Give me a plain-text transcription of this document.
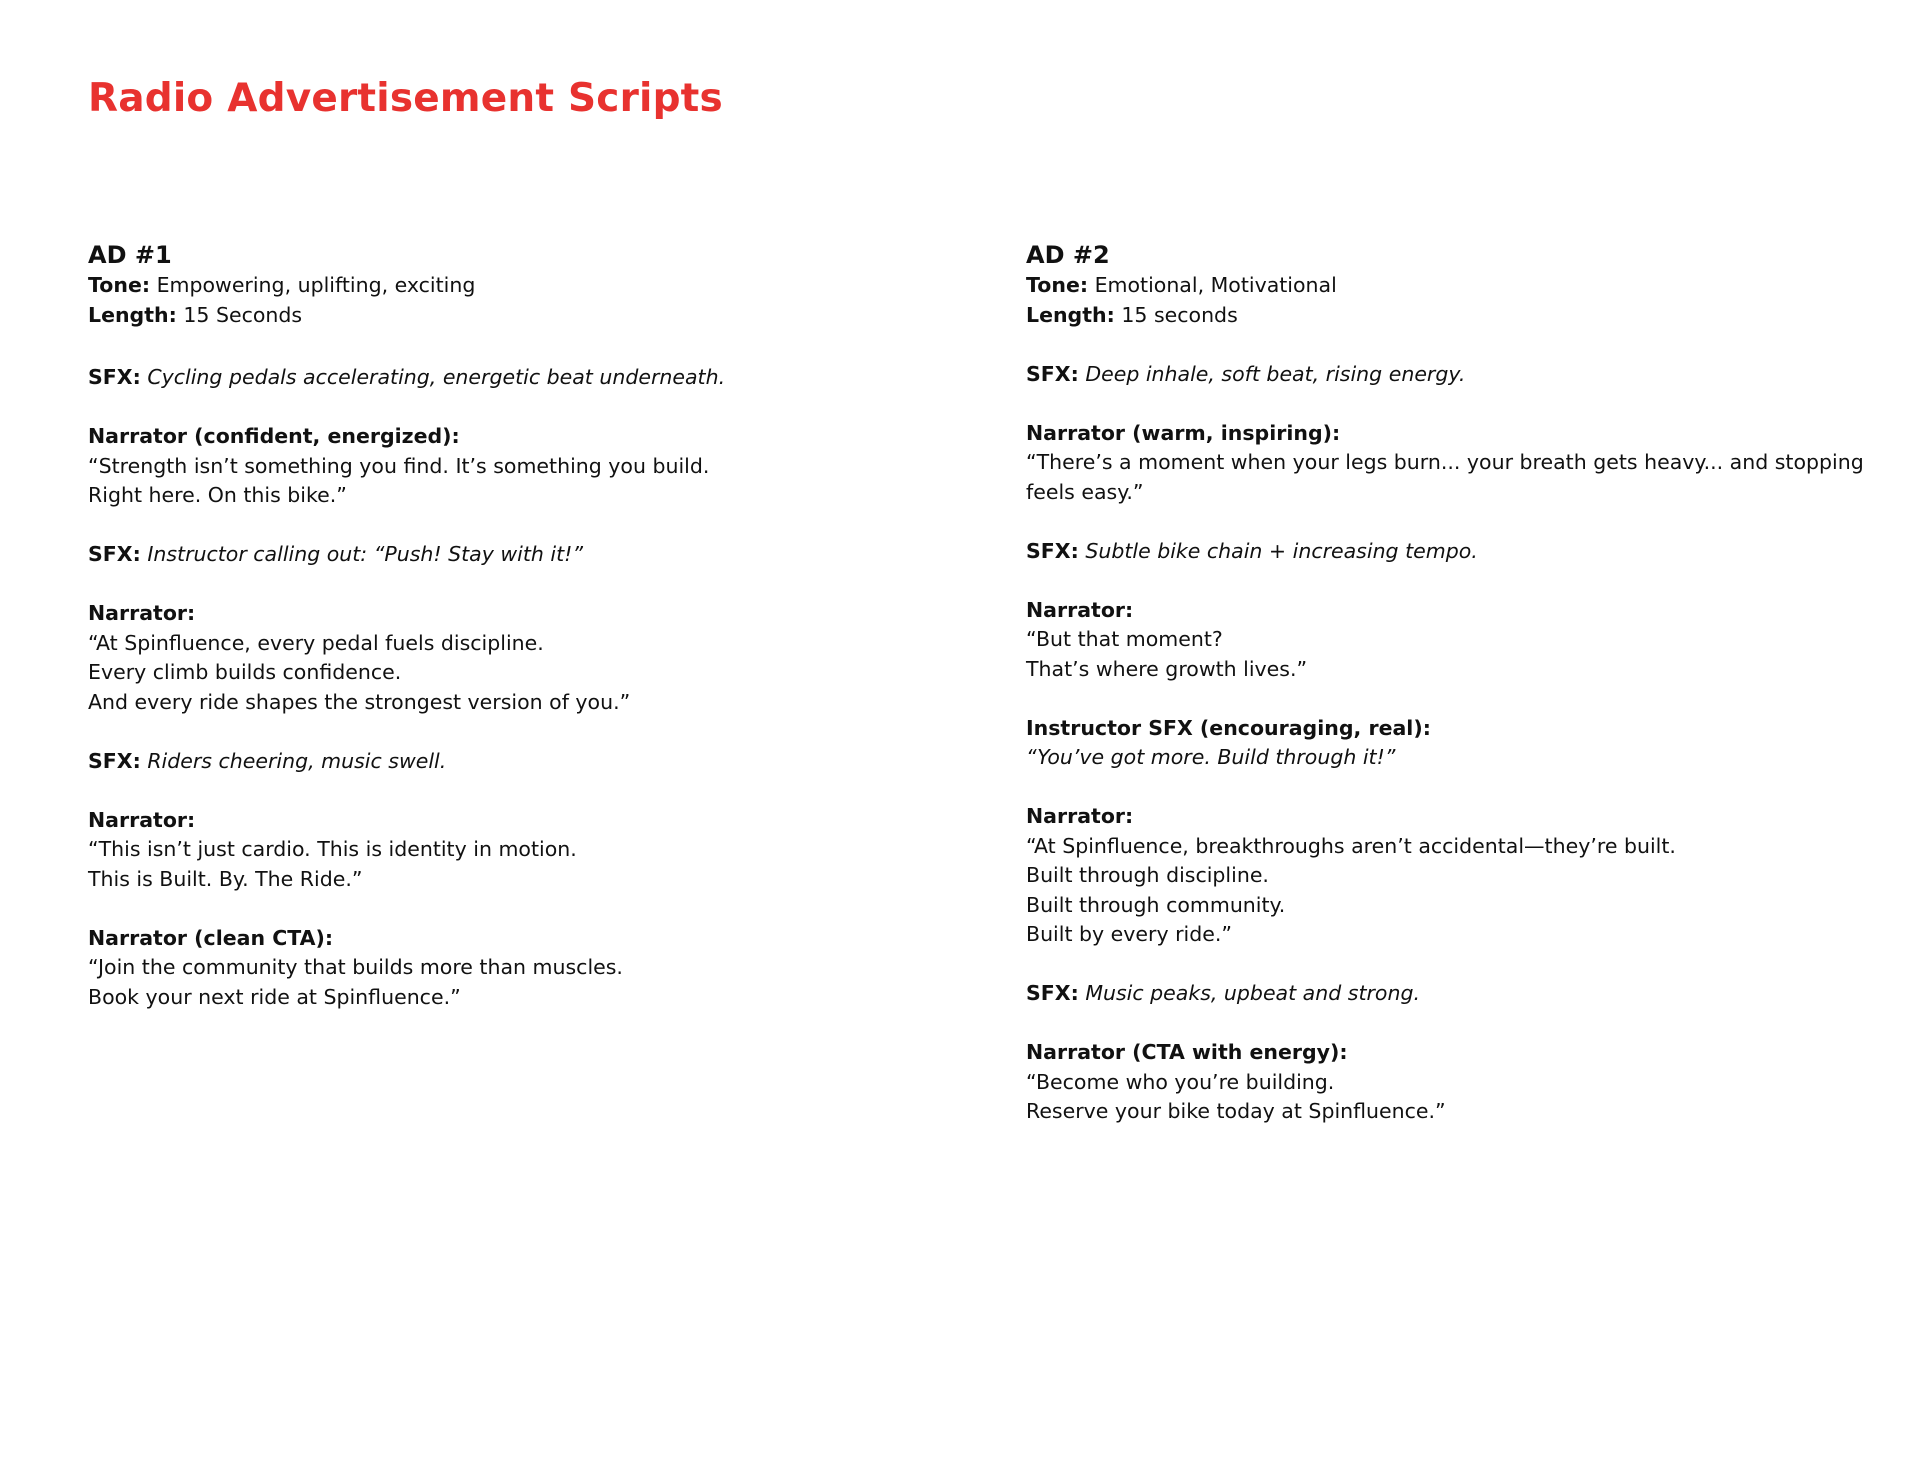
Radio Advertisement Scripts

AD #1

Tone: Empowering, uplifting, exciting

Length: 15 Seconds

SFX: Cycling pedals accelerating, energetic beat underneath.

Narrator (confident, energized):

“Strength isn’t something you find. It’s something you build.

Right here. On this bike.”

SFX: Instructor calling out: “Push! Stay with it!”

Narrator:

“At Spinfluence, every pedal fuels discipline.

Every climb builds confidence.

And every ride shapes the strongest version of you.”

SFX: Riders cheering, music swell.

Narrator:

“This isn’t just cardio. This is identity in motion.

This is Built. By. The Ride.”

Narrator (clean CTA):

“Join the community that builds more than muscles.

Book your next ride at Spinfluence.”

AD #2

Tone: Emotional, Motivational

Length: 15 seconds

SFX: Deep inhale, soft beat, rising energy.

Narrator (warm, inspiring):

“There’s a moment when your legs burn... your breath gets heavy... and stopping

feels easy.”

SFX: Subtle bike chain + increasing tempo.

Narrator:

“But that moment?

That’s where growth lives.”

Instructor SFX (encouraging, real):

“You’ve got more. Build through it!”

Narrator:

“At Spinfluence, breakthroughs aren’t accidental—they’re built.

Built through discipline.

Built through community.

Built by every ride.”

SFX: Music peaks, upbeat and strong.

Narrator (CTA with energy):

“Become who you’re building.

Reserve your bike today at Spinfluence.”
